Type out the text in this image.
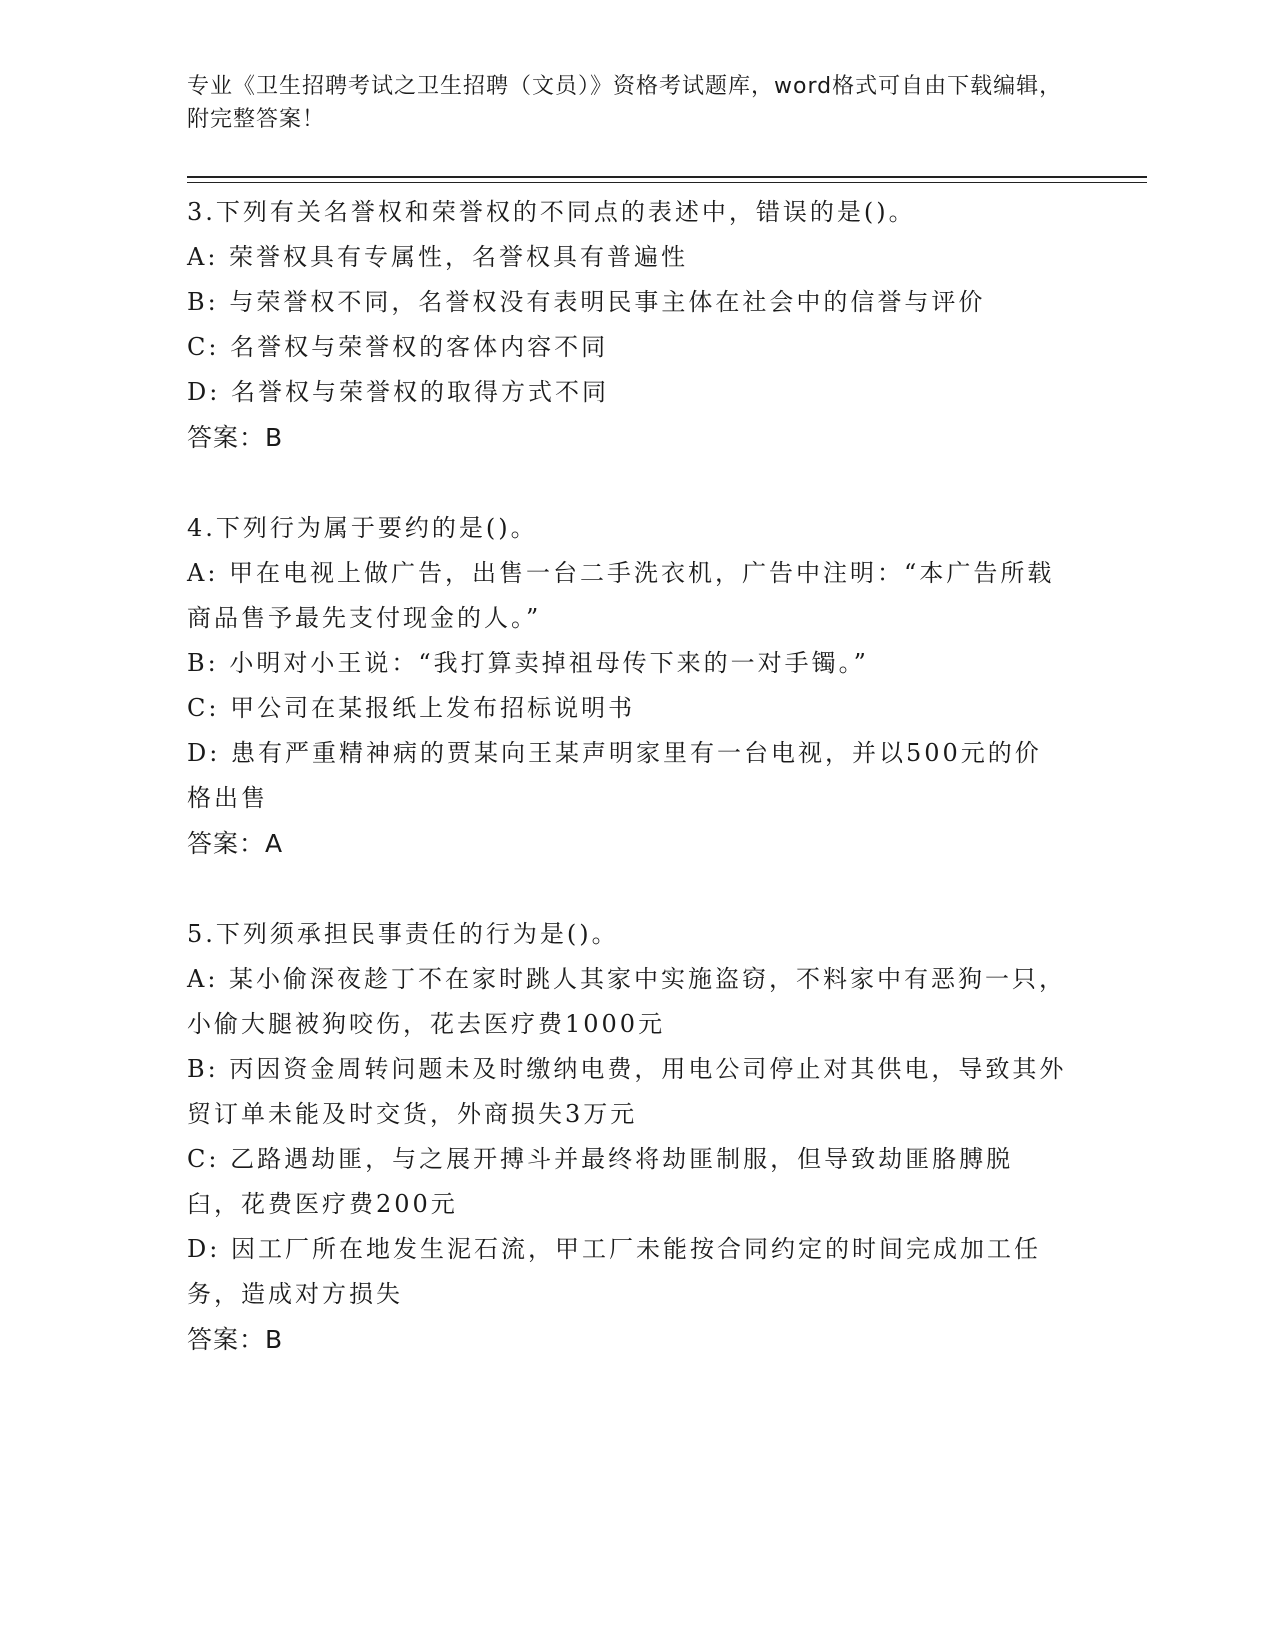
专业《卫生招聘考试之卫生招聘（文员）》资格考试题库，word格式可自由下载编辑，附完整答案！
3.下列有关名誉权和荣誉权的不同点的表述中，错误的是()。
A: 荣誉权具有专属性，名誉权具有普遍性
B: 与荣誉权不同，名誉权没有表明民事主体在社会中的信誉与评价
C: 名誉权与荣誉权的客体内容不同
D: 名誉权与荣誉权的取得方式不同
答案：B
4.下列行为属于要约的是()。
A: 甲在电视上做广告，出售一台二手洗衣机，广告中注明：“本广告所载商品售予最先支付现金的人。”
B: 小明对小王说：“我打算卖掉祖母传下来的一对手镯。”
C: 甲公司在某报纸上发布招标说明书
D: 患有严重精神病的贾某向王某声明家里有一台电视，并以500元的价格出售
答案：A
5.下列须承担民事责任的行为是()。
A: 某小偷深夜趁丁不在家时跳人其家中实施盗窃，不料家中有恶狗一只，小偷大腿被狗咬伤，花去医疗费1000元
B: 丙因资金周转问题未及时缴纳电费，用电公司停止对其供电，导致其外贸订单未能及时交货，外商损失3万元
C: 乙路遇劫匪，与之展开搏斗并最终将劫匪制服，但导致劫匪胳膊脱臼，花费医疗费200元
D: 因工厂所在地发生泥石流，甲工厂未能按合同约定的时间完成加工任务，造成对方损失
答案：B
